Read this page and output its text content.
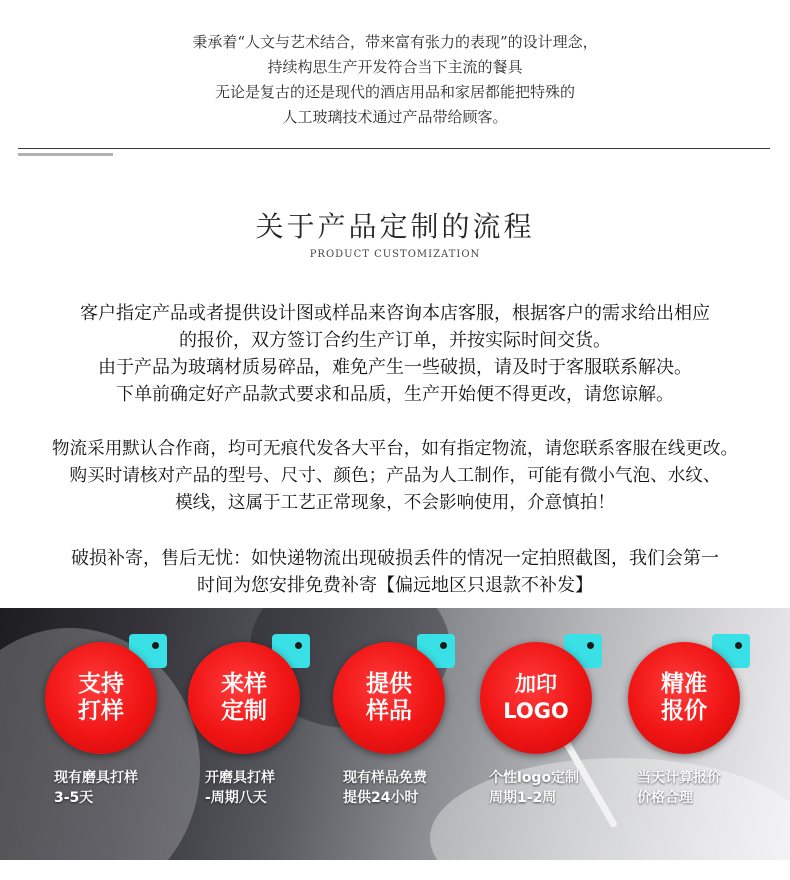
秉承着“人文与艺术结合，带来富有张力的表现”的设计理念，
持续构思生产开发符合当下主流的餐具
无论是复古的还是现代的酒店用品和家居都能把特殊的
人工玻璃技术通过产品带给顾客。
关于产品定制的流程
PRODUCT CUSTOMIZATION
客户指定产品或者提供设计图或样品来咨询本店客服，根据客户的需求给出相应
的报价，双方签订合约生产订单，并按实际时间交货。
由于产品为玻璃材质易碎品，难免产生一些破损，请及时于客服联系解决。
下单前确定好产品款式要求和品质，生产开始便不得更改，请您谅解。
物流采用默认合作商，均可无痕代发各大平台，如有指定物流，请您联系客服在线更改。
购买时请核对产品的型号、尺寸、颜色；产品为人工制作，可能有微小气泡、水纹、
模线，这属于工艺正常现象，不会影响使用，介意慎拍！
破损补寄，售后无忧：如快递物流出现破损丢件的情况一定拍照截图，我们会第一
时间为您安排免费补寄【偏远地区只退款不补发】
支持
打样
现有磨具打样
3-5天
来样
定制
开磨具打样
-周期八天
提供
样品
现有样品免费
提供24小时
加印
LOGO
个性logo定制
周期1-2周
精准
报价
当天计算报价
价格合理
